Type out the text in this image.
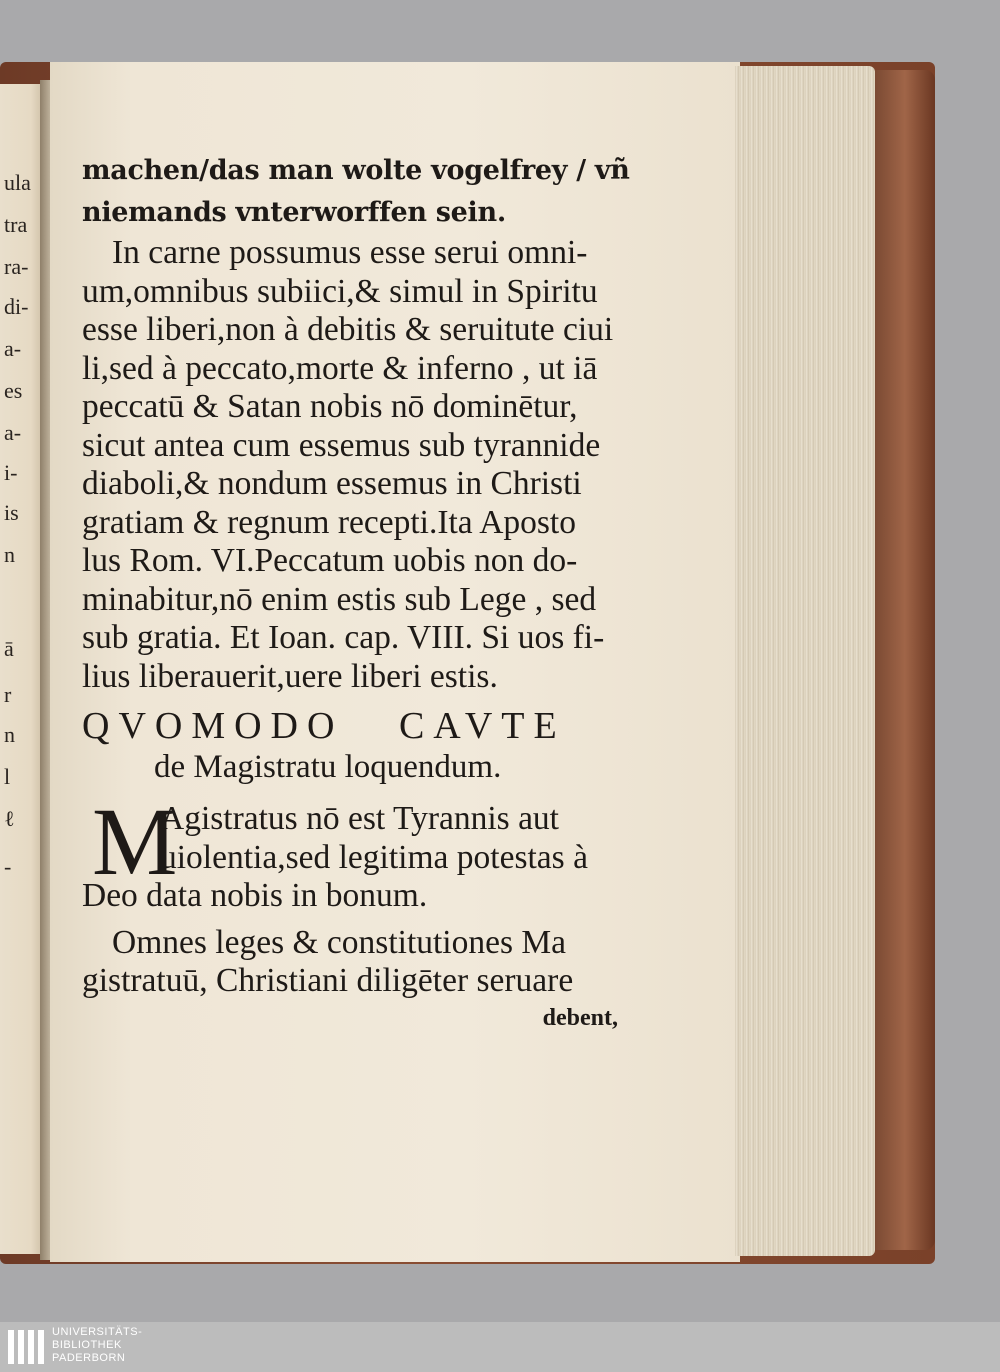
ula
tra
ra-
di-
a-
es
a-
i-
is
n
ā
r
n
l
ℓ
-
machen/das man wolte vogelfrey / vñ
niemands vnterworffen sein.
In carne possumus esse serui omni-
um,omnibus subiici,& simul in Spiritu
esse liberi,non à debitis & seruitute ciui
li,sed à peccato,morte & inferno , ut iā
peccatū & Satan nobis nō dominētur,
sicut antea cum essemus sub tyrannide
diaboli,& nondum essemus in Christi
gratiam & regnum recepti.Ita Aposto
lus Rom. VI.Peccatum uobis non do-
minabitur,nō enim estis sub Lege , sed
sub gratia. Et Ioan. cap. VIII. Si uos fi-
lius liberauerit,uere liberi estis.
QVOMODO   CAVTE
de Magistratu loquendum.
M
Agistratus nō est Tyrannis aut
uiolentia,sed legitima potestas à
Deo data nobis in bonum.
Omnes leges & constitutiones Ma
gistratuū, Christiani diligēter seruare
debent,
UNIVERSITÄTS-
BIBLIOTHEK
PADERBORN
